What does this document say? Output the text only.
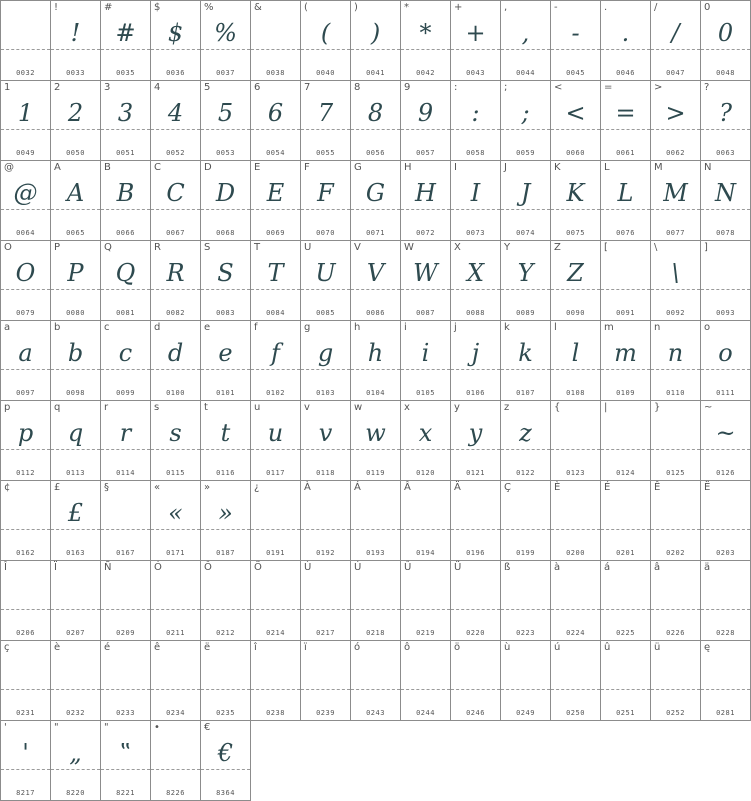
0032
!
!
0033
#
#
0035
$
$
0036
%
%
0037
&
0038
(
(
0040
)
)
0041
*
*
0042
+
+
0043
,
,
0044
-
-
0045
.
.
0046
/
/
0047
0
0
0048
1
1
0049
2
2
0050
3
3
0051
4
4
0052
5
5
0053
6
6
0054
7
7
0055
8
8
0056
9
9
0057
:
:
0058
;
;
0059
<
<
0060
=
=
0061
>
>
0062
?
?
0063
@
@
0064
A
A
0065
B
B
0066
C
C
0067
D
D
0068
E
E
0069
F
F
0070
G
G
0071
H
H
0072
I
I
0073
J
J
0074
K
K
0075
L
L
0076
M
M
0077
N
N
0078
O
O
0079
P
P
0080
Q
Q
0081
R
R
0082
S
S
0083
T
T
0084
U
U
0085
V
V
0086
W
W
0087
X
X
0088
Y
Y
0089
Z
Z
0090
[
0091
\
\
0092
]
0093
a
a
0097
b
b
0098
c
c
0099
d
d
0100
e
e
0101
f
f
0102
g
g
0103
h
h
0104
i
i
0105
j
j
0106
k
k
0107
l
l
0108
m
m
0109
n
n
0110
o
o
0111
p
p
0112
q
q
0113
r
r
0114
s
s
0115
t
t
0116
u
u
0117
v
v
0118
w
w
0119
x
x
0120
y
y
0121
z
z
0122
{
0123
|
0124
}
0125
~
~
0126
¢
0162
£
£
0163
§
0167
«
«
0171
»
»
0187
¿
0191
À
0192
Á
0193
Â
0194
Ä
0196
Ç
0199
È
0200
É
0201
Ê
0202
Ë
0203
Î
0206
Ï
0207
Ñ
0209
Ó
0211
Ô
0212
Ö
0214
Ù
0217
Ú
0218
Û
0219
Ü
0220
ß
0223
à
0224
á
0225
â
0226
ä
0228
ç
0231
è
0232
é
0233
ê
0234
ë
0235
î
0238
ï
0239
ó
0243
ô
0244
ö
0246
ù
0249
ú
0250
û
0251
ü
0252
ę
0281
'
'
8217
"
„
8220
"
‟
8221
•
8226
€
€
8364
